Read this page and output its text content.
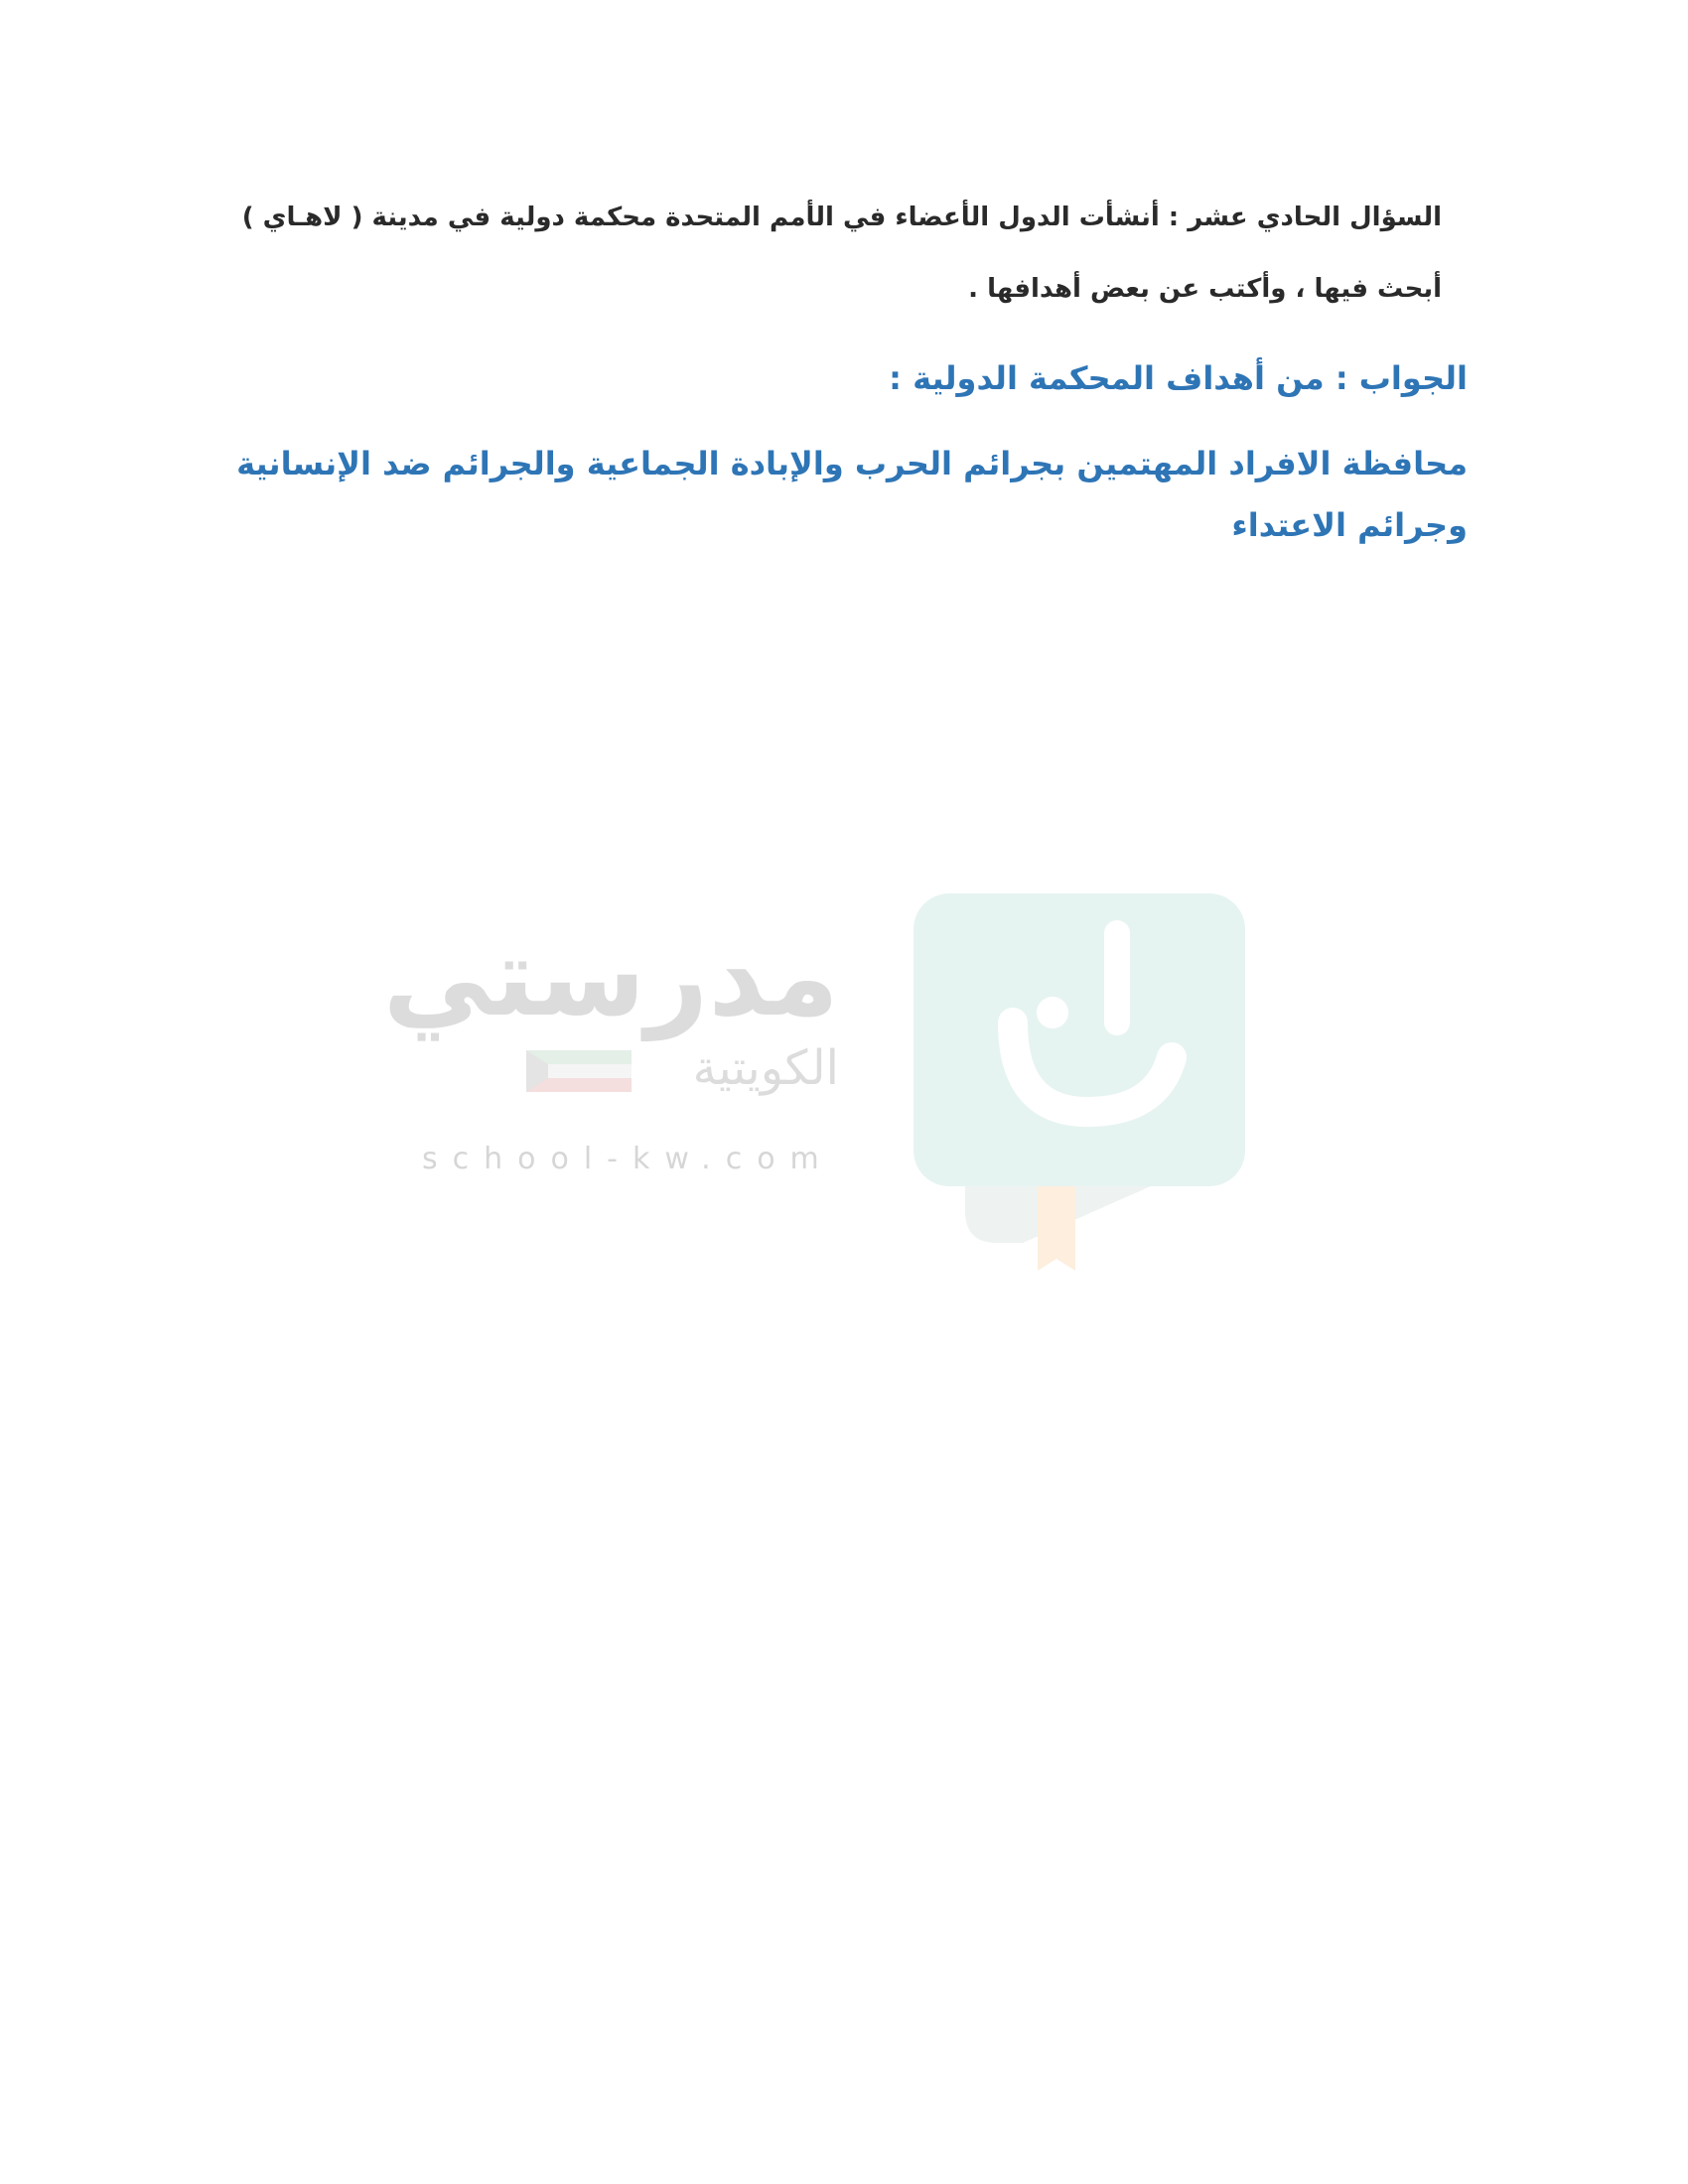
السؤال الحادي عشر : أنشأت الدول الأعضاء في الأمم المتحدة محكمة دولية في مدينة ( لاهـاي )
أبحث فيها ، وأكتب عن بعض أهدافها .
الجواب : من أهداف المحكمة الدولية :
محافظة الافراد المهتمين بجرائم الحرب والإبادة الجماعية والجرائم ضد الإنسانية وجرائم الاعتداء
مدرستي
الكويتية
school-kw.com
